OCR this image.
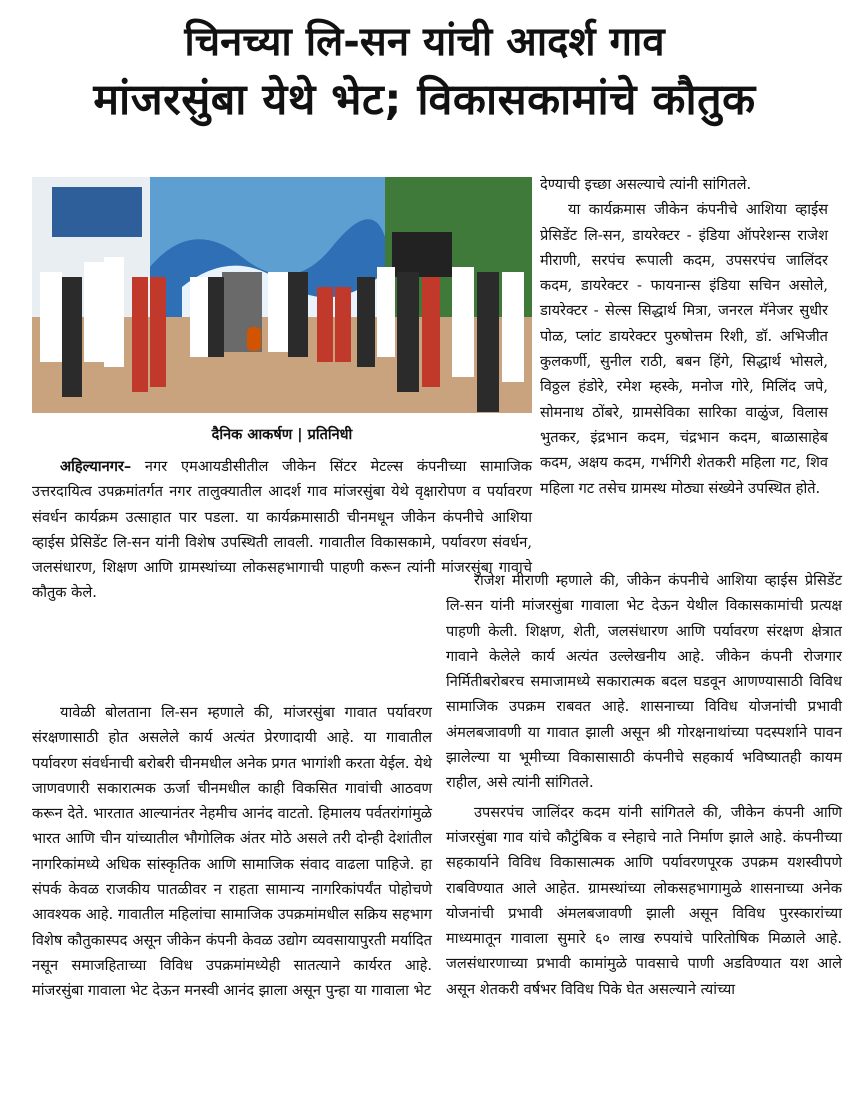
चिनच्या लि-सन यांची आदर्श गाव
मांजरसुंबा येथे भेट; विकासकामांचे कौतुक
दैनिक आकर्षण | प्रतिनिधी

अहिल्यानगर– नगर एमआयडीसीतील जीकेन सिंटर मेटल्स कंपनीच्या सामाजिक उत्तरदायित्व उपक्रमांतर्गत नगर तालुक्यातील आदर्श गाव मांजरसुंबा येथे वृक्षारोपण व पर्यावरण संवर्धन कार्यक्रम उत्साहात पार पडला. या कार्यक्रमासाठी चीनमधून जीकेन कंपनीचे आशिया व्हाईस प्रेसिडेंट लि-सन यांनी विशेष उपस्थिती लावली. गावातील विकासकामे, पर्यावरण संवर्धन, जलसंधारण, शिक्षण आणि ग्रामस्थांच्या लोकसहभागाची पाहणी करून त्यांनी मांजरसुंबा गावाचे कौतुक केले.

देण्याची इच्छा असल्याचे त्यांनी सांगितले.

या कार्यक्रमास जीकेन कंपनीचे आशिया व्हाईस प्रेसिडेंट लि-सन, डायरेक्टर - इंडिया ऑपरेशन्स राजेश मीराणी, सरपंच रूपाली कदम, उपसरपंच जालिंदर कदम, डायरेक्टर - फायनान्स इंडिया सचिन असोले, डायरेक्टर - सेल्स सिद्धार्थ मित्रा, जनरल मॅनेजर सुधीर पोळ, प्लांट डायरेक्टर पुरुषोत्तम रिशी, डॉ. अभिजीत कुलकर्णी, सुनील राठी, बबन हिंगे, सिद्धार्थ भोसले, विठ्ठल हंडोरे, रमेश म्हस्के, मनोज गोरे, मिलिंद जपे, सोमनाथ ठोंबरे, ग्रामसेविका सारिका वाळुंज, विलास भुतकर, इंद्रभान कदम, चंद्रभान कदम, बाळासाहेब कदम, अक्षय कदम, गर्भगिरी शेतकरी महिला गट, शिव महिला गट तसेच ग्रामस्थ मोठ्या संख्येने उपस्थित होते.

यावेळी बोलताना लि-सन म्हणाले की, मांजरसुंबा गावात पर्यावरण संरक्षणासाठी होत असलेले कार्य अत्यंत प्रेरणादायी आहे. या गावातील पर्यावरण संवर्धनाची बरोबरी चीनमधील अनेक प्रगत भागांशी करता येईल. येथे जाणवणारी सकारात्मक ऊर्जा चीनमधील काही विकसित गावांची आठवण करून देते. भारतात आल्यानंतर नेहमीच आनंद वाटतो. हिमालय पर्वतरांगांमुळे भारत आणि चीन यांच्यातील भौगोलिक अंतर मोठे असले तरी दोन्ही देशांतील नागरिकांमध्ये अधिक सांस्कृतिक आणि सामाजिक संवाद वाढला पाहिजे. हा संपर्क केवळ राजकीय पातळीवर न राहता सामान्य नागरिकांपर्यंत पोहोचणे आवश्यक आहे. गावातील महिलांचा सामाजिक उपक्रमांमधील सक्रिय सहभाग विशेष कौतुकास्पद असून जीकेन कंपनी केवळ उद्योग व्यवसायापुरती मर्यादित नसून समाजहिताच्या विविध उपक्रमांमध्येही सातत्याने कार्यरत आहे. मांजरसुंबा गावाला भेट देऊन मनस्वी आनंद झाला असून पुन्हा या गावाला भेट

राजेश मीराणी म्हणाले की, जीकेन कंपनीचे आशिया व्हाईस प्रेसिडेंट लि-सन यांनी मांजरसुंबा गावाला भेट देऊन येथील विकासकामांची प्रत्यक्ष पाहणी केली. शिक्षण, शेती, जलसंधारण आणि पर्यावरण संरक्षण क्षेत्रात गावाने केलेले कार्य अत्यंत उल्लेखनीय आहे. जीकेन कंपनी रोजगार निर्मितीबरोबरच समाजामध्ये सकारात्मक बदल घडवून आणण्यासाठी विविध सामाजिक उपक्रम राबवत आहे. शासनाच्या विविध योजनांची प्रभावी अंमलबजावणी या गावात झाली असून श्री गोरक्षनाथांच्या पदस्पर्शाने पावन झालेल्या या भूमीच्या विकासासाठी कंपनीचे सहकार्य भविष्यातही कायम राहील, असे त्यांनी सांगितले.

उपसरपंच जालिंदर कदम यांनी सांगितले की, जीकेन कंपनी आणि मांजरसुंबा गाव यांचे कौटुंबिक व स्नेहाचे नाते निर्माण झाले आहे. कंपनीच्या सहकार्याने विविध विकासात्मक आणि पर्यावरणपूरक उपक्रम यशस्वीपणे राबविण्यात आले आहेत. ग्रामस्थांच्या लोकसहभागामुळे शासनाच्या अनेक योजनांची प्रभावी अंमलबजावणी झाली असून विविध पुरस्कारांच्या माध्यमातून गावाला सुमारे ६० लाख रुपयांचे पारितोषिक मिळाले आहे. जलसंधारणाच्या प्रभावी कामांमुळे पावसाचे पाणी अडविण्यात यश आले असून शेतकरी वर्षभर विविध पिके घेत असल्याने त्यांच्या
